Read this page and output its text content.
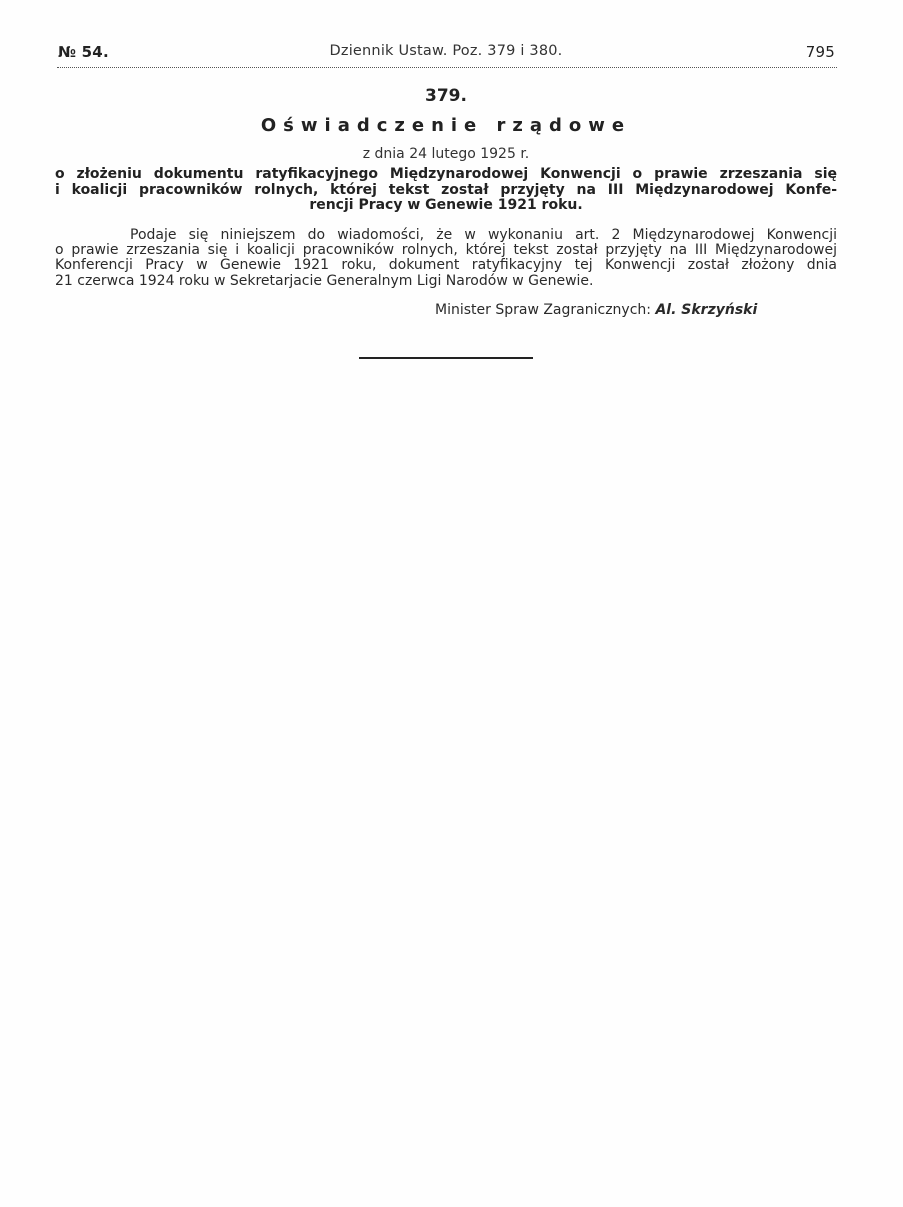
№ 54.	Dziennik Ustaw. Poz. 379 i 380.	795
379.
Oświadczenie rządowe
z dnia 24 lutego 1925 r.
o złożeniu dokumentu ratyfikacyjnego Międzynarodowej Konwencji o prawie zrzeszania się
i koalicji pracowników rolnych, której tekst został przyjęty na III Międzynarodowej Konfe-
rencji Pracy w Genewie 1921 roku.
Podaje się niniejszem do wiadomości, że w wykonaniu art. 2 Międzynarodowej Konwencji
o prawie zrzeszania się i koalicji pracowników rolnych, której tekst został przyjęty na III Międzynarodowej
Konferencji Pracy w Genewie 1921 roku, dokument ratyfikacyjny tej Konwencji został złożony dnia
21 czerwca 1924 roku w Sekretarjacie Generalnym Ligi Narodów w Genewie.
Minister Spraw Zagranicznych: Al. Skrzyński
